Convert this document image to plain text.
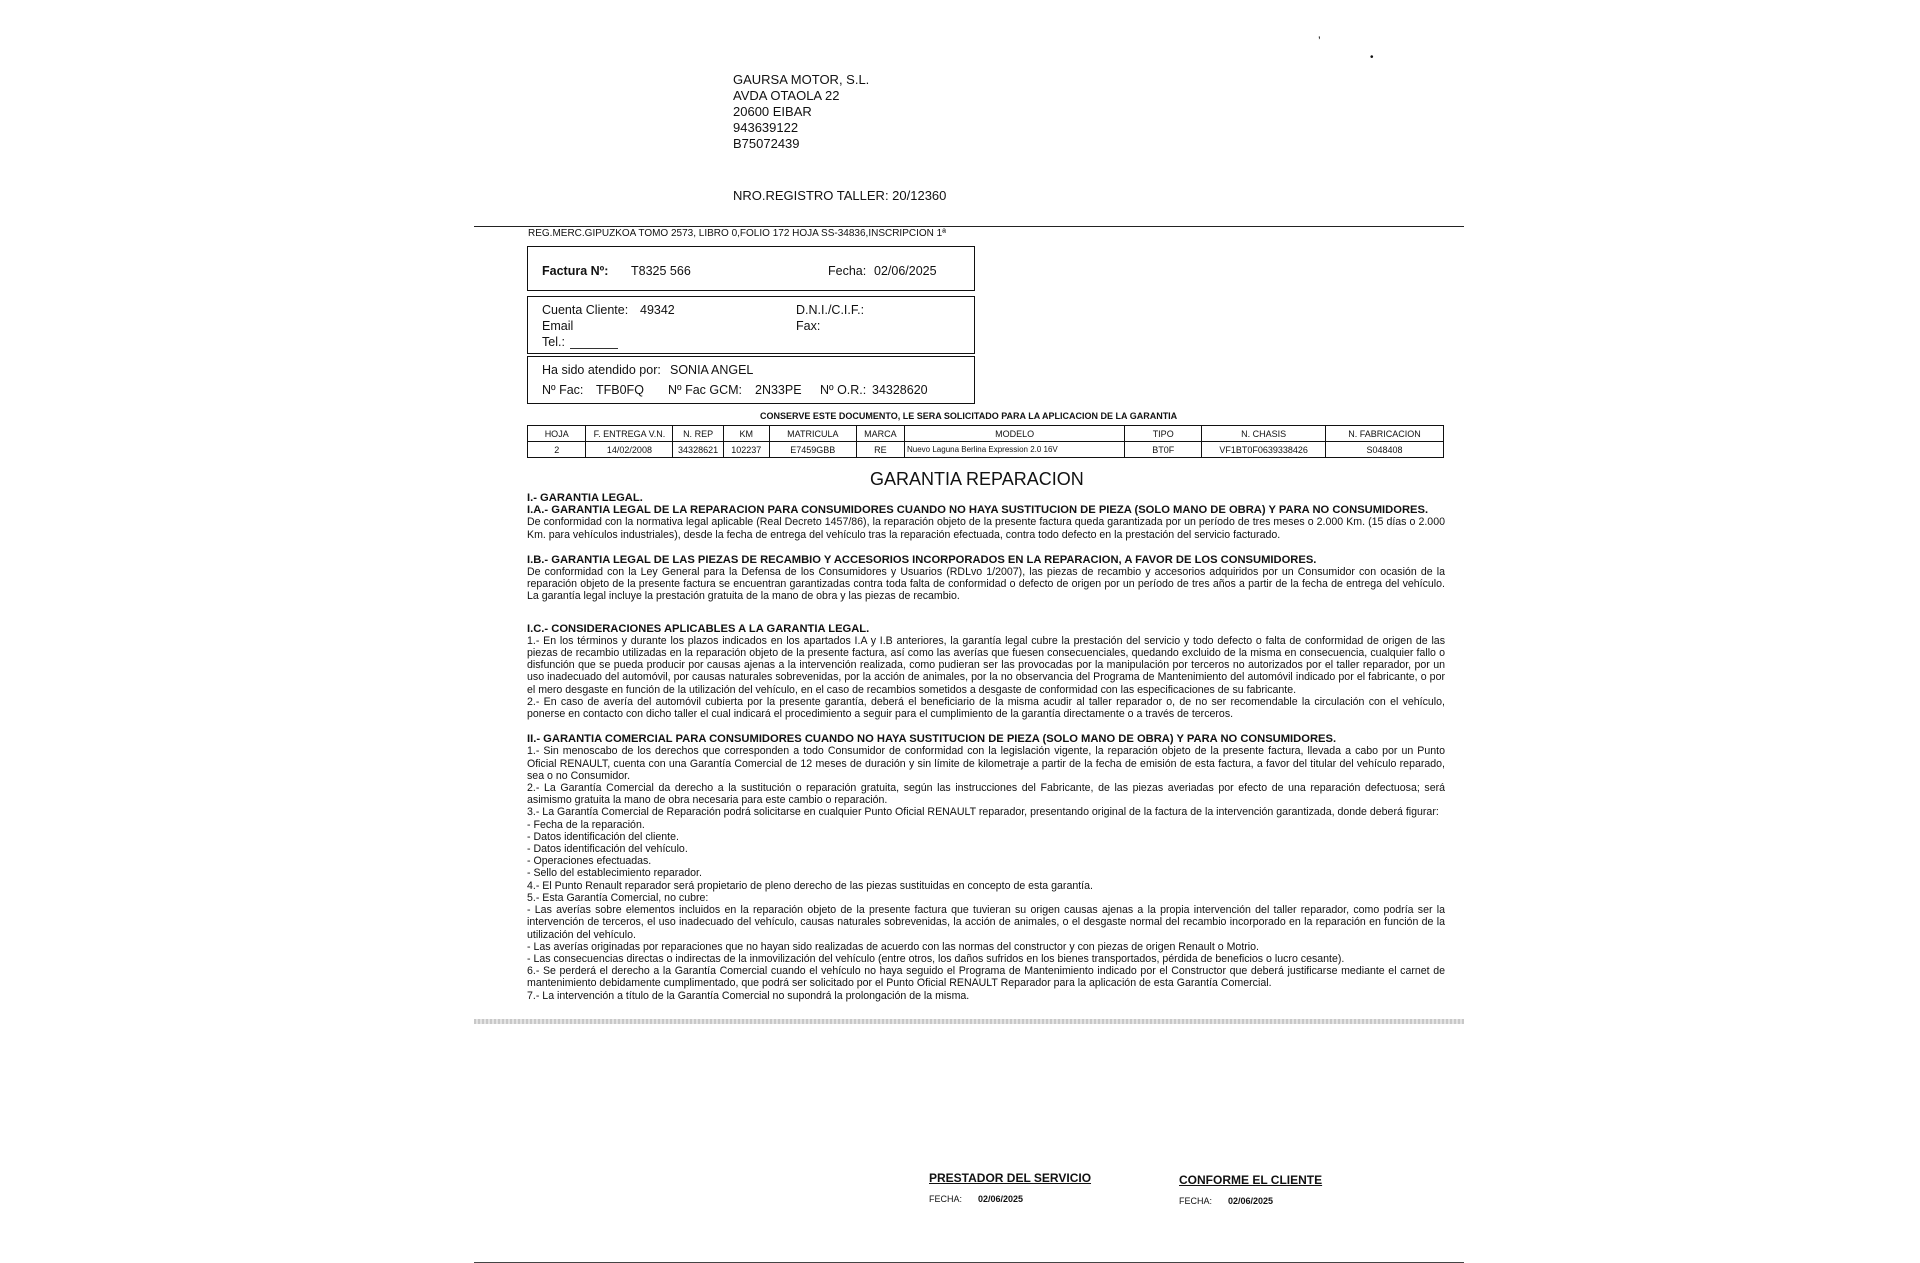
’
•
GAURSA MOTOR, S.L.
AVDA OTAOLA 22
20600 EIBAR
943639122
B75072439
NRO.REGISTRO TALLER: 20/12360
REG.MERC.GIPUZKOA TOMO 2573, LIBRO 0,FOLIO 172 HOJA SS-34836,INSCRIPCION 1ª
Factura Nº: T8325 566	Fecha: 02/06/2025
Cuenta Cliente: 49342	D.N.I./C.I.F.:
Email	Fax:
Tel.:
Ha sido atendido por: SONIA ANGEL
Nº Fac: TFB0FQ Nº Fac GCM: 2N33PE Nº O.R.: 34328620
CONSERVE ESTE DOCUMENTO, LE SERA SOLICITADO PARA LA APLICACION DE LA GARANTIA
HOJA	F. ENTREGA V.N.	N. REP	KM	MATRICULA	MARCA	MODELO	TIPO	N. CHASIS	N. FABRICACION
2	14/02/2008	34328621	102237	E7459GBB	RE	Nuevo Laguna Berlina Expression 2.0 16V	BT0F	VF1BT0F0639338426	S048408
GARANTIA REPARACION

I.- GARANTIA LEGAL.

I.A.- GARANTIA LEGAL DE LA REPARACION PARA CONSUMIDORES CUANDO NO HAYA SUSTITUCION DE PIEZA (SOLO MANO DE OBRA) Y PARA NO CONSUMIDORES.

De conformidad con la normativa legal aplicable (Real Decreto 1457/86), la reparación objeto de la presente factura queda garantizada por un período de tres meses o 2.000 Km. (15 días o 2.000 Km. para vehículos industriales), desde la fecha de entrega del vehículo tras la reparación efectuada, contra todo defecto en la prestación del servicio facturado.

I.B.- GARANTIA LEGAL DE LAS PIEZAS DE RECAMBIO Y ACCESORIOS INCORPORADOS EN LA REPARACION, A FAVOR DE LOS CONSUMIDORES.

De conformidad con la Ley General para la Defensa de los Consumidores y Usuarios (RDLvo 1/2007), las piezas de recambio y accesorios adquiridos por un Consumidor con ocasión de la reparación objeto de la presente factura se encuentran garantizadas contra toda falta de conformidad o defecto de origen por un período de tres años a partir de la fecha de entrega del vehículo. La garantía legal incluye la prestación gratuita de la mano de obra y las piezas de recambio.

I.C.- CONSIDERACIONES APLICABLES A LA GARANTIA LEGAL.

1.- En los términos y durante los plazos indicados en los apartados I.A y I.B anteriores, la garantía legal cubre la prestación del servicio y todo defecto o falta de conformidad de origen de las piezas de recambio utilizadas en la reparación objeto de la presente factura, así como las averías que fuesen consecuenciales, quedando excluido de la misma en consecuencia, cualquier fallo o disfunción que se pueda producir por causas ajenas a la intervención realizada, como pudieran ser las provocadas por la manipulación por terceros no autorizados por el taller reparador, por un uso inadecuado del automóvil, por causas naturales sobrevenidas, por la acción de animales, por la no observancia del Programa de Mantenimiento del automóvil indicado por el fabricante, o por el mero desgaste en función de la utilización del vehículo, en el caso de recambios sometidos a desgaste de conformidad con las especificaciones de su fabricante.

2.- En caso de avería del automóvil cubierta por la presente garantía, deberá el beneficiario de la misma acudir al taller reparador o, de no ser recomendable la circulación con el vehículo, ponerse en contacto con dicho taller el cual indicará el procedimiento a seguir para el cumplimiento de la garantía directamente o a través de terceros.

II.- GARANTIA COMERCIAL PARA CONSUMIDORES CUANDO NO HAYA SUSTITUCION DE PIEZA (SOLO MANO DE OBRA) Y PARA NO CONSUMIDORES.

1.- Sin menoscabo de los derechos que corresponden a todo Consumidor de conformidad con la legislación vigente, la reparación objeto de la presente factura, llevada a cabo por un Punto Oficial RENAULT, cuenta con una Garantía Comercial de 12 meses de duración y sin límite de kilometraje a partir de la fecha de emisión de esta factura, a favor del titular del vehículo reparado, sea o no Consumidor.

2.- La Garantía Comercial da derecho a la sustitución o reparación gratuita, según las instrucciones del Fabricante, de las piezas averiadas por efecto de una reparación defectuosa; será asimismo gratuita la mano de obra necesaria para este cambio o reparación.

3.- La Garantía Comercial de Reparación podrá solicitarse en cualquier Punto Oficial RENAULT reparador, presentando original de la factura de la intervención garantizada, donde deberá figurar:

- Fecha de la reparación.

- Datos identificación del cliente.

- Datos identificación del vehículo.

- Operaciones efectuadas.

- Sello del establecimiento reparador.

4.- El Punto Renault reparador será propietario de pleno derecho de las piezas sustituidas en concepto de esta garantía.

5.- Esta Garantía Comercial, no cubre:

- Las averías sobre elementos incluidos en la reparación objeto de la presente factura que tuvieran su origen causas ajenas a la propia intervención del taller reparador, como podría ser la intervención de terceros, el uso inadecuado del vehículo, causas naturales sobrevenidas, la acción de animales, o el desgaste normal del recambio incorporado en la reparación en función de la utilización del vehículo.

- Las averías originadas por reparaciones que no hayan sido realizadas de acuerdo con las normas del constructor y con piezas de origen Renault o Motrio.

- Las consecuencias directas o indirectas de la inmovilización del vehículo (entre otros, los daños sufridos en los bienes transportados, pérdida de beneficios o lucro cesante).

6.- Se perderá el derecho a la Garantía Comercial cuando el vehículo no haya seguido el Programa de Mantenimiento indicado por el Constructor que deberá justificarse mediante el carnet de mantenimiento debidamente cumplimentado, que podrá ser solicitado por el Punto Oficial RENAULT Reparador para la aplicación de esta Garantía Comercial.

7.- La intervención a título de la Garantía Comercial no supondrá la prolongación de la misma.

PRESTADOR DEL SERVICIO
FECHA: 02/06/2025
CONFORME EL CLIENTE
FECHA: 02/06/2025
